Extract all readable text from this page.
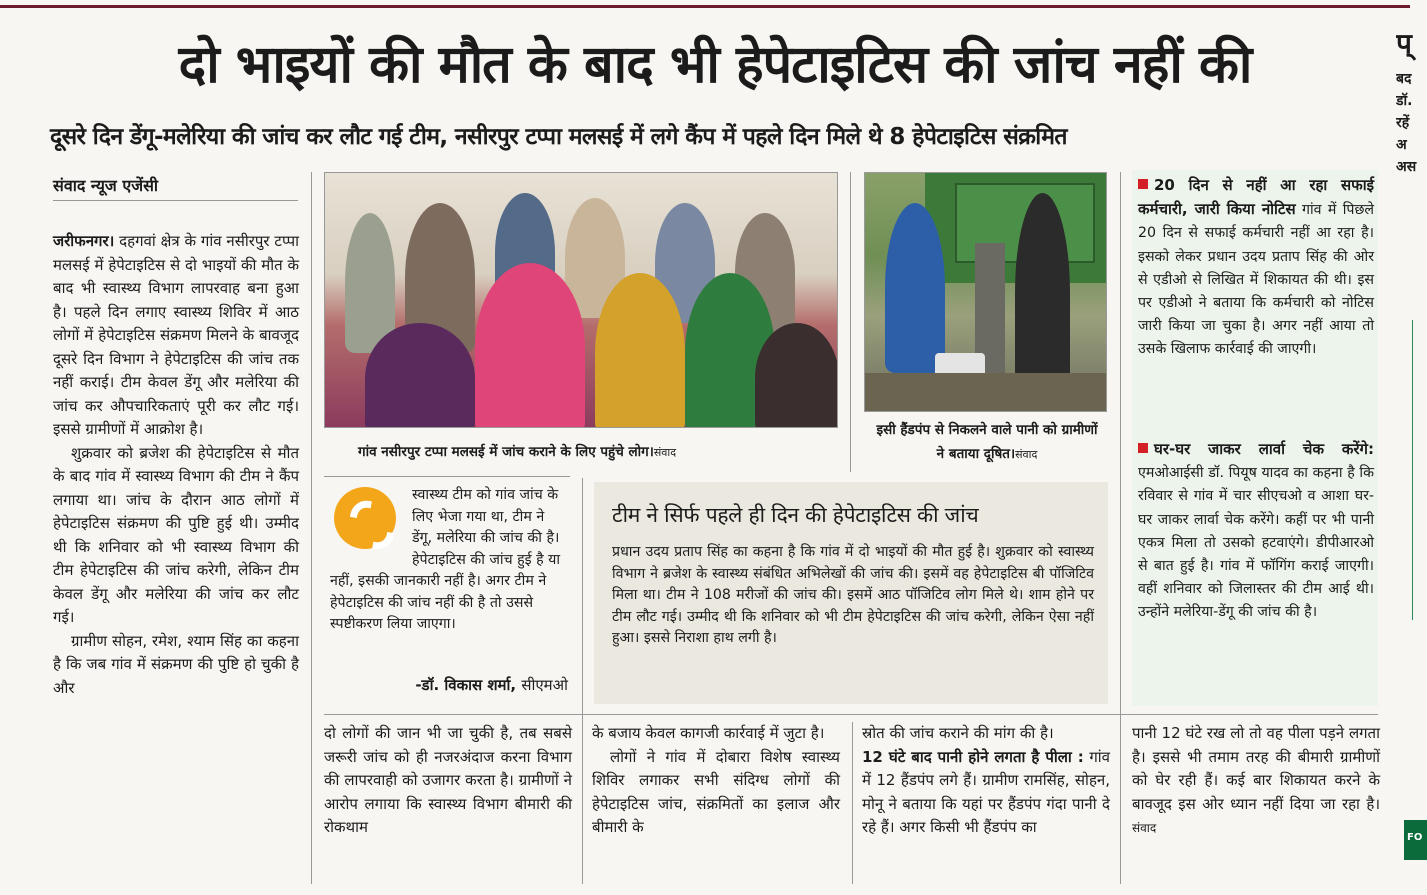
दो भाइयों की मौत के बाद भी हेपेटाइटिस की जांच नहीं की
दूसरे दिन डेंगू-मलेरिया की जांच कर लौट गई टीम, नसीरपुर टप्पा मलसई में लगे कैंप में पहले दिन मिले थे 8 हेपेटाइटिस संक्रमित
प्
बद
डॉ.
रहें
अ
अस
FO
संवाद न्यूज एजेंसी

जरीफनगर। दहगवां क्षेत्र के गांव नसीरपुर टप्पा मलसई में हेपेटाइटिस से दो भाइयों की मौत के बाद भी स्वास्थ्य विभाग लापरवाह बना हुआ है। पहले दिन लगाए स्वास्थ्य शिविर में आठ लोगों में हेपेटाइटिस संक्रमण मिलने के बावजूद दूसरे दिन विभाग ने हेपेटाइटिस की जांच तक नहीं कराई। टीम केवल डेंगू और मलेरिया की जांच कर औपचारिकताएं पूरी कर लौट गई। इससे ग्रामीणों में आक्रोश है।

शुक्रवार को ब्रजेश की हेपेटाइटिस से मौत के बाद गांव में स्वास्थ्य विभाग की टीम ने कैंप लगाया था। जांच के दौरान आठ लोगों में हेपेटाइटिस संक्रमण की पुष्टि हुई थी। उम्मीद थी कि शनिवार को भी स्वास्थ्य विभाग की टीम हेपेटाइटिस की जांच करेगी, लेकिन टीम केवल डेंगू और मलेरिया की जांच कर लौट गई।

ग्रामीण सोहन, रमेश, श्याम सिंह का कहना है कि जब गांव में संक्रमण की पुष्टि हो चुकी है और

गांव नसीरपुर टप्पा मलसई में जांच कराने के लिए पहुंचे लोग।संवाद
इसी हैंडपंप से निकलने वाले पानी को ग्रामीणों ने बताया दूषित।संवाद
स्वास्थ्य टीम को गांव जांच के लिए भेजा गया था, टीम ने डेंगू, मलेरिया की जांच की है। हेपेटाइटिस की जांच हुई है या नहीं, इसकी जानकारी नहीं है। अगर टीम ने हेपेटाइटिस की जांच नहीं की है तो उससे स्पष्टीकरण लिया जाएगा।
-डॉ. विकास शर्मा, सीएमओ
टीम ने सिर्फ पहले ही दिन की हेपेटाइटिस की जांच
प्रधान उदय प्रताप सिंह का कहना है कि गांव में दो भाइयों की मौत हुई है। शुक्रवार को स्वास्थ्य विभाग ने ब्रजेश के स्वास्थ्य संबंधित अभिलेखों की जांच की। इसमें वह हेपेटाइटिस बी पॉजिटिव मिला था। टीम ने 108 मरीजों की जांच की। इसमें आठ पॉजिटिव लोग मिले थे। शाम होने पर टीम लौट गई। उम्मीद थी कि शनिवार को भी टीम हेपेटाइटिस की जांच करेगी, लेकिन ऐसा नहीं हुआ। इससे निराशा हाथ लगी है।
20 दिन से नहीं आ रहा सफाई कर्मचारी, जारी किया नोटिस गांव में पिछले 20 दिन से सफाई कर्मचारी नहीं आ रहा है। इसको लेकर प्रधान उदय प्रताप सिंह की ओर से एडीओ से लिखित में शिकायत की थी। इस पर एडीओ ने बताया कि कर्मचारी को नोटिस जारी किया जा चुका है। अगर नहीं आया तो उसके खिलाफ कार्रवाई की जाएगी।
घर-घर जाकर लार्वा चेक करेंगे: एमओआईसी डॉ. पियूष यादव का कहना है कि रविवार से गांव में चार सीएचओ व आशा घर-घर जाकर लार्वा चेक करेंगे। कहीं पर भी पानी एकत्र मिला तो उसको हटवाएंगे। डीपीआरओ से बात हुई है। गांव में फॉगिंग कराई जाएगी। वहीं शनिवार को जिलास्तर की टीम आई थी। उन्होंने मलेरिया-डेंगू की जांच की है।
दो लोगों की जान भी जा चुकी है, तब सबसे जरूरी जांच को ही नजरअंदाज करना विभाग की लापरवाही को उजागर करता है। ग्रामीणों ने आरोप लगाया कि स्वास्थ्य विभाग बीमारी की रोकथाम

के बजाय केवल कागजी कार्रवाई में जुटा है।

लोगों ने गांव में दोबारा विशेष स्वास्थ्य शिविर लगाकर सभी संदिग्ध लोगों की हेपेटाइटिस जांच, संक्रमितों का इलाज और बीमारी के

स्रोत की जांच कराने की मांग की है।

12 घंटे बाद पानी होने लगता है पीला : गांव में 12 हैंडपंप लगे हैं। ग्रामीण रामसिंह, सोहन, मोनू ने बताया कि यहां पर हैंडपंप गंदा पानी दे रहे हैं। अगर किसी भी हैंडपंप का

पानी 12 घंटे रख लो तो वह पीला पड़ने लगता है। इससे भी तमाम तरह की बीमारी ग्रामीणों को घेर रही हैं। कई बार शिकायत करने के बावजूद इस ओर ध्यान नहीं दिया जा रहा है। संवाद
